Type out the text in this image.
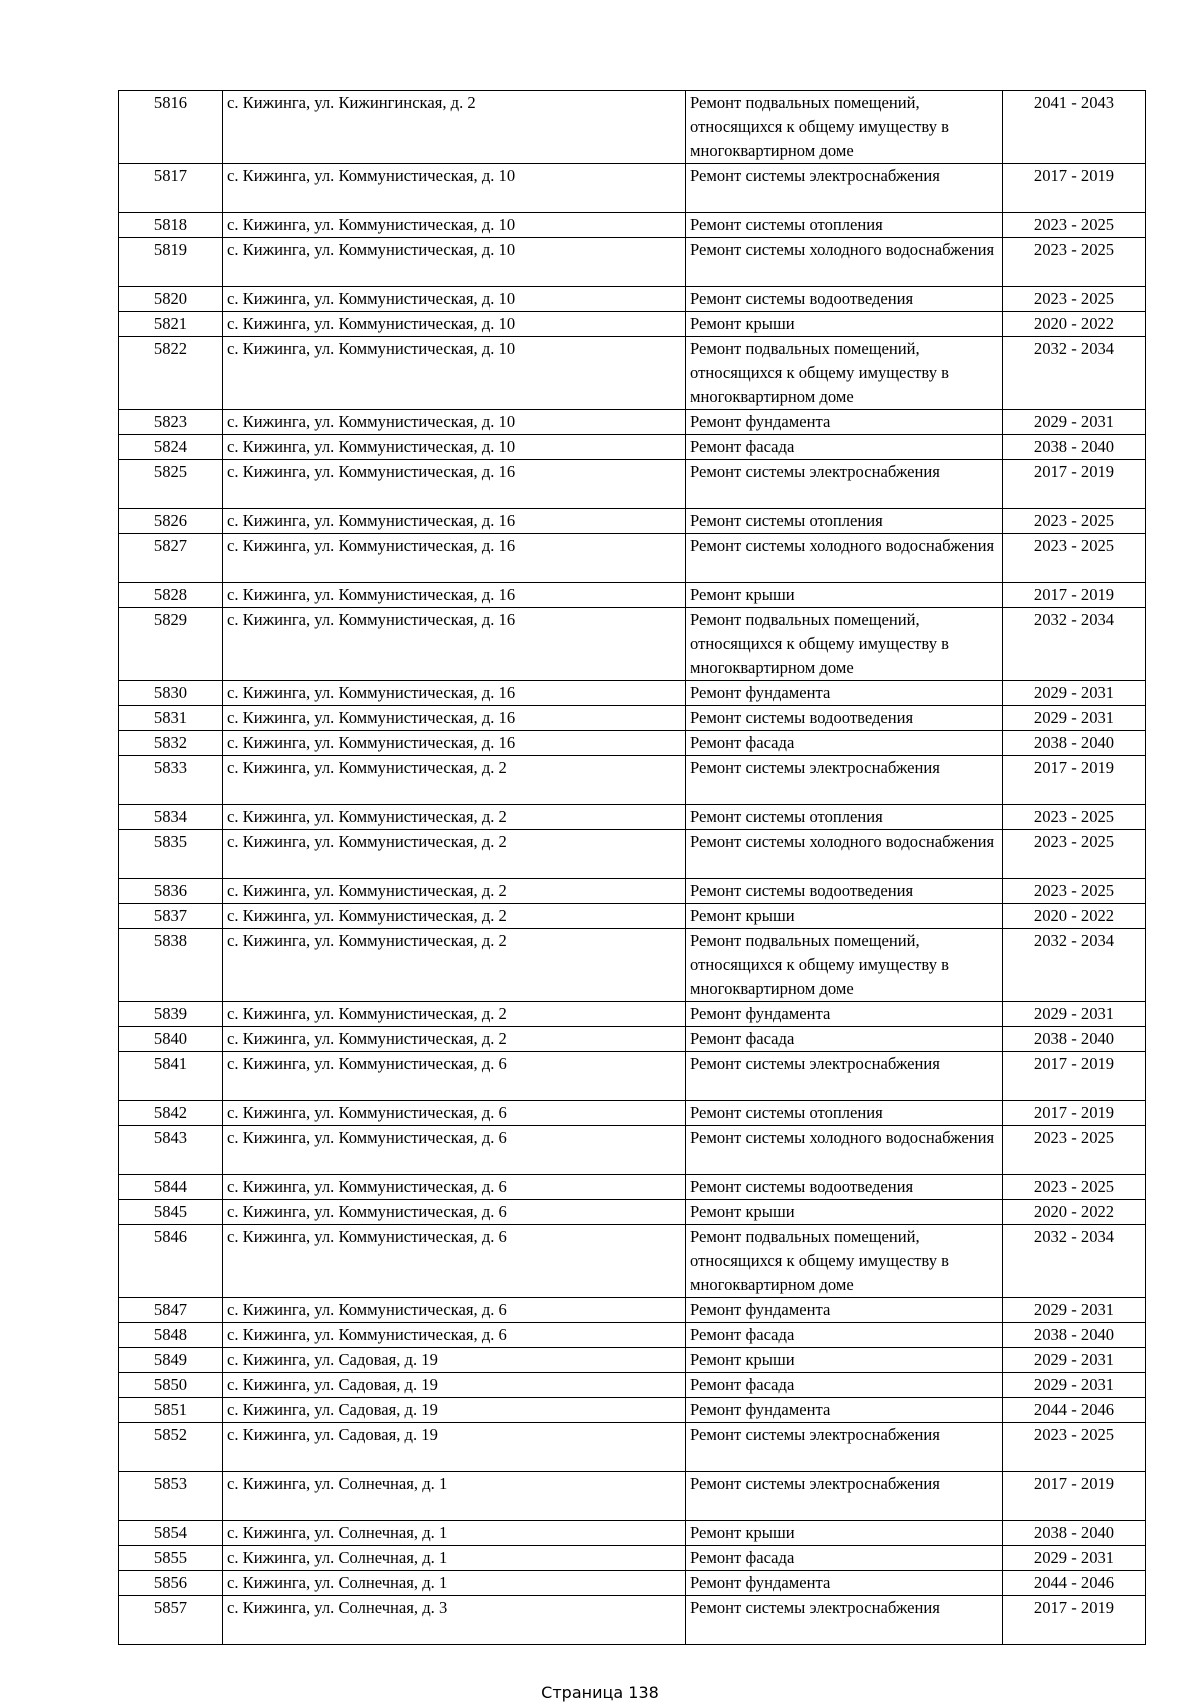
5816	с. Кижинга, ул. Кижингинская, д. 2	Ремонт подвальных помещений, относящихся к общему имуществу в многоквартирном доме	2041 - 2043
5817	с. Кижинга, ул. Коммунистическая, д. 10	Ремонт системы электроснабжения	2017 - 2019
5818	с. Кижинга, ул. Коммунистическая, д. 10	Ремонт системы отопления	2023 - 2025
5819	с. Кижинга, ул. Коммунистическая, д. 10	Ремонт системы холодного водоснабжения	2023 - 2025
5820	с. Кижинга, ул. Коммунистическая, д. 10	Ремонт системы водоотведения	2023 - 2025
5821	с. Кижинга, ул. Коммунистическая, д. 10	Ремонт крыши	2020 - 2022
5822	с. Кижинга, ул. Коммунистическая, д. 10	Ремонт подвальных помещений, относящихся к общему имуществу в многоквартирном доме	2032 - 2034
5823	с. Кижинга, ул. Коммунистическая, д. 10	Ремонт фундамента	2029 - 2031
5824	с. Кижинга, ул. Коммунистическая, д. 10	Ремонт фасада	2038 - 2040
5825	с. Кижинга, ул. Коммунистическая, д. 16	Ремонт системы электроснабжения	2017 - 2019
5826	с. Кижинга, ул. Коммунистическая, д. 16	Ремонт системы отопления	2023 - 2025
5827	с. Кижинга, ул. Коммунистическая, д. 16	Ремонт системы холодного водоснабжения	2023 - 2025
5828	с. Кижинга, ул. Коммунистическая, д. 16	Ремонт крыши	2017 - 2019
5829	с. Кижинга, ул. Коммунистическая, д. 16	Ремонт подвальных помещений, относящихся к общему имуществу в многоквартирном доме	2032 - 2034
5830	с. Кижинга, ул. Коммунистическая, д. 16	Ремонт фундамента	2029 - 2031
5831	с. Кижинга, ул. Коммунистическая, д. 16	Ремонт системы водоотведения	2029 - 2031
5832	с. Кижинга, ул. Коммунистическая, д. 16	Ремонт фасада	2038 - 2040
5833	с. Кижинга, ул. Коммунистическая, д. 2	Ремонт системы электроснабжения	2017 - 2019
5834	с. Кижинга, ул. Коммунистическая, д. 2	Ремонт системы отопления	2023 - 2025
5835	с. Кижинга, ул. Коммунистическая, д. 2	Ремонт системы холодного водоснабжения	2023 - 2025
5836	с. Кижинга, ул. Коммунистическая, д. 2	Ремонт системы водоотведения	2023 - 2025
5837	с. Кижинга, ул. Коммунистическая, д. 2	Ремонт крыши	2020 - 2022
5838	с. Кижинга, ул. Коммунистическая, д. 2	Ремонт подвальных помещений, относящихся к общему имуществу в многоквартирном доме	2032 - 2034
5839	с. Кижинга, ул. Коммунистическая, д. 2	Ремонт фундамента	2029 - 2031
5840	с. Кижинга, ул. Коммунистическая, д. 2	Ремонт фасада	2038 - 2040
5841	с. Кижинга, ул. Коммунистическая, д. 6	Ремонт системы электроснабжения	2017 - 2019
5842	с. Кижинга, ул. Коммунистическая, д. 6	Ремонт системы отопления	2017 - 2019
5843	с. Кижинга, ул. Коммунистическая, д. 6	Ремонт системы холодного водоснабжения	2023 - 2025
5844	с. Кижинга, ул. Коммунистическая, д. 6	Ремонт системы водоотведения	2023 - 2025
5845	с. Кижинга, ул. Коммунистическая, д. 6	Ремонт крыши	2020 - 2022
5846	с. Кижинга, ул. Коммунистическая, д. 6	Ремонт подвальных помещений, относящихся к общему имуществу в многоквартирном доме	2032 - 2034
5847	с. Кижинга, ул. Коммунистическая, д. 6	Ремонт фундамента	2029 - 2031
5848	с. Кижинга, ул. Коммунистическая, д. 6	Ремонт фасада	2038 - 2040
5849	с. Кижинга, ул. Садовая, д. 19	Ремонт крыши	2029 - 2031
5850	с. Кижинга, ул. Садовая, д. 19	Ремонт фасада	2029 - 2031
5851	с. Кижинга, ул. Садовая, д. 19	Ремонт фундамента	2044 - 2046
5852	с. Кижинга, ул. Садовая, д. 19	Ремонт системы электроснабжения	2023 - 2025
5853	с. Кижинга, ул. Солнечная, д. 1	Ремонт системы электроснабжения	2017 - 2019
5854	с. Кижинга, ул. Солнечная, д. 1	Ремонт крыши	2038 - 2040
5855	с. Кижинга, ул. Солнечная, д. 1	Ремонт фасада	2029 - 2031
5856	с. Кижинга, ул. Солнечная, д. 1	Ремонт фундамента	2044 - 2046
5857	с. Кижинга, ул. Солнечная, д. 3	Ремонт системы электроснабжения	2017 - 2019
Страница 138
